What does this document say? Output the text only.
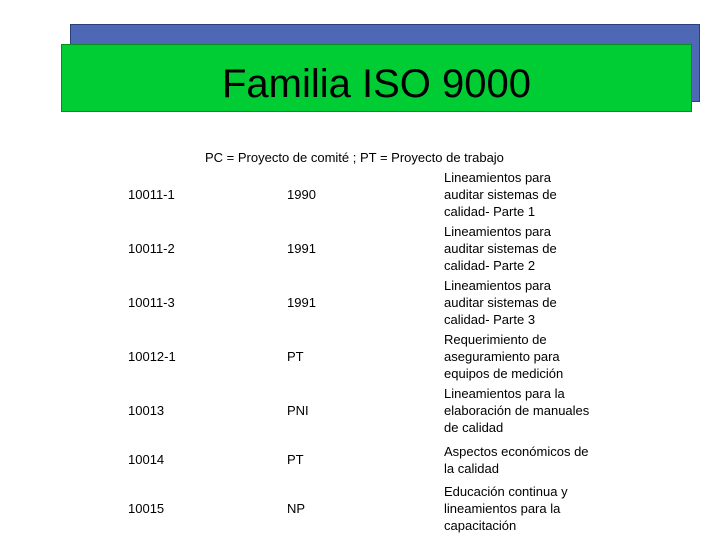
Familia ISO 9000
PC = Proyecto de comité ; PT = Proyecto de trabajo
10011-1	1990
Lineamientos para
auditar sistemas de
calidad- Parte 1
10011-2	1991
Lineamientos para
auditar sistemas de
calidad- Parte 2
10011-3	1991
Lineamientos para
auditar sistemas de
calidad- Parte 3
10012-1	PT
Requerimiento de
aseguramiento para
equipos de medición
10013	PNI
Lineamientos para la
elaboración de manuales
de calidad
10014	PT
Aspectos económicos de
la calidad
10015	NP
Educación continua y
lineamientos para la
capacitación
